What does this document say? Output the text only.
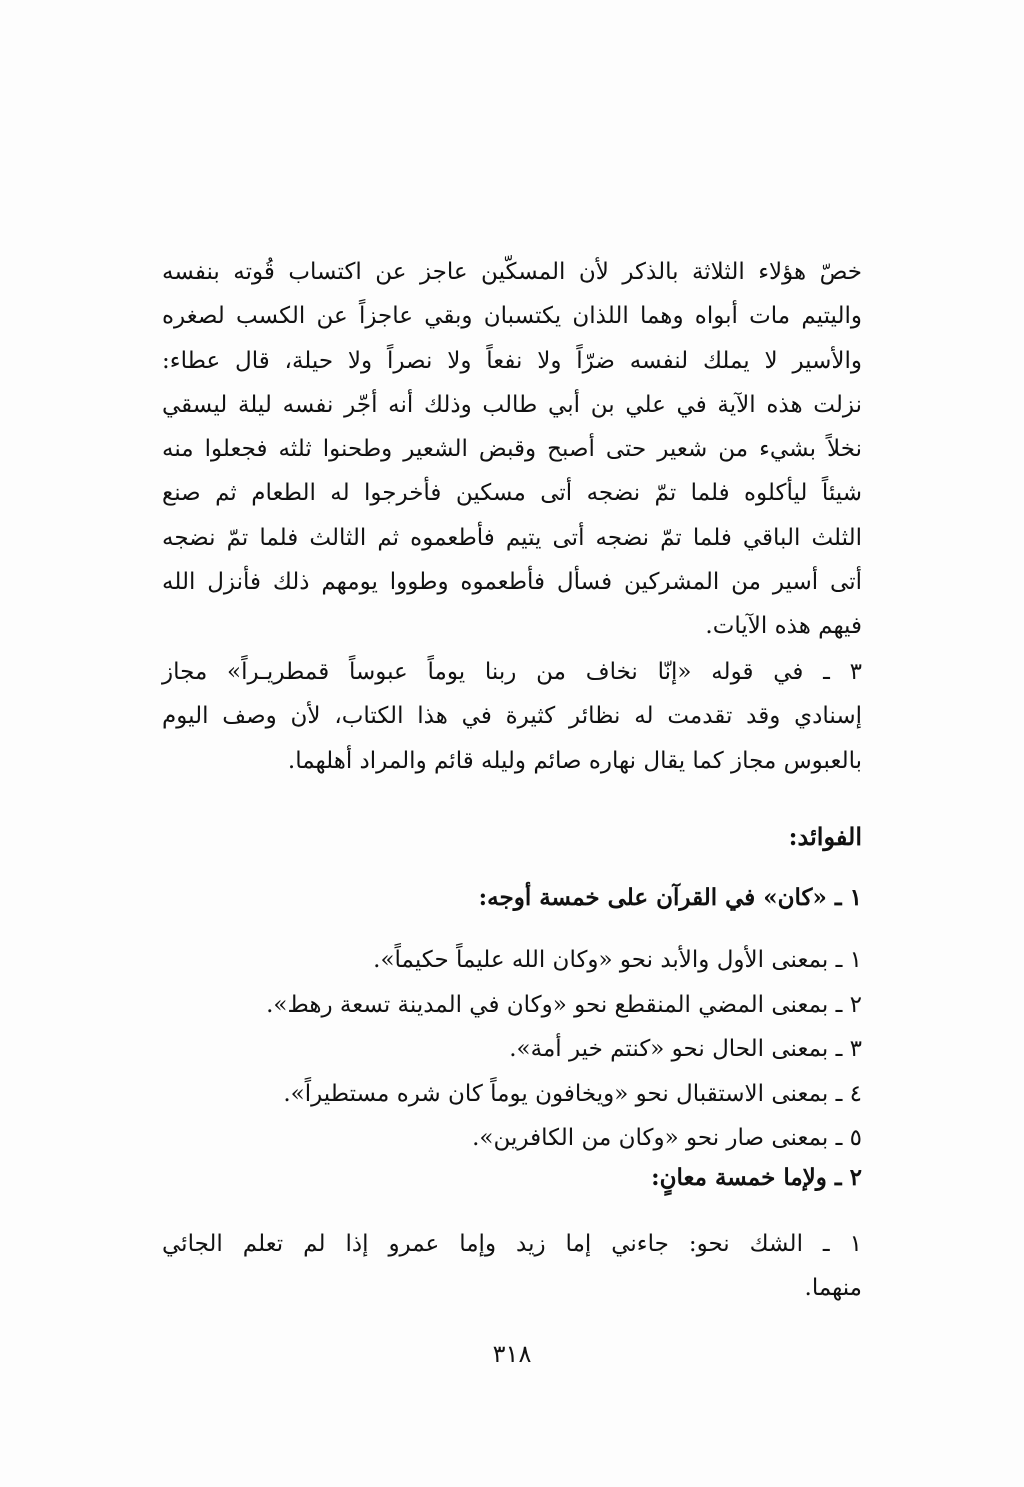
خصّ هؤلاء الثلاثة بالذكر لأن المسكّين عاجز عن اكتساب قُوته بنفسه
واليتيم مات أبواه وهما اللذان يكتسبان وبقي عاجزاً عن الكسب لصغره
والأسير لا يملك لنفسه ضرّاً ولا نفعاً ولا نصراً ولا حيلة، قال عطاء:
نزلت هذه الآية في علي بن أبي طالب وذلك أنه أجّر نفسه ليلة ليسقي
نخلاً بشيء من شعير حتى أصبح وقبض الشعير وطحنوا ثلثه فجعلوا منه
شيئاً ليأكلوه فلما تمّ نضجه أتى مسكين فأخرجوا له الطعام ثم صنع
الثلث الباقي فلما تمّ نضجه أتى يتيم فأطعموه ثم الثالث فلما تمّ نضجه
أتى أسير من المشركين فسأل فأطعموه وطووا يومهم ذلك فأنزل الله
فيهم هذه الآيات.
٣ ـ في قوله «إنّا نخاف من ربنا يوماً عبوساً قمطريـراً» مجاز
إسنادي وقد تقدمت له نظائر كثيرة في هذا الكتاب، لأن وصف اليوم
بالعبوس مجاز كما يقال نهاره صائم وليله قائم والمراد أهلهما.
الفوائد:
١ ـ «كان» في القرآن على خمسة أوجه:
١ ـ بمعنى الأول والأبد نحو «وكان الله عليماً حكيماً».
٢ ـ بمعنى المضي المنقطع نحو «وكان في المدينة تسعة رهط».
٣ ـ بمعنى الحال نحو «كنتم خير أمة».
٤ ـ بمعنى الاستقبال نحو «ويخافون يوماً كان شره مستطيراً».
٥ ـ بمعنى صار نحو «وكان من الكافرين».
٢ ـ ولإما خمسة معانٍ:
١ ـ الشك نحو: جاءني إما زيد وإما عمرو إذا لم تعلم الجائي
منهما.
٣١٨
